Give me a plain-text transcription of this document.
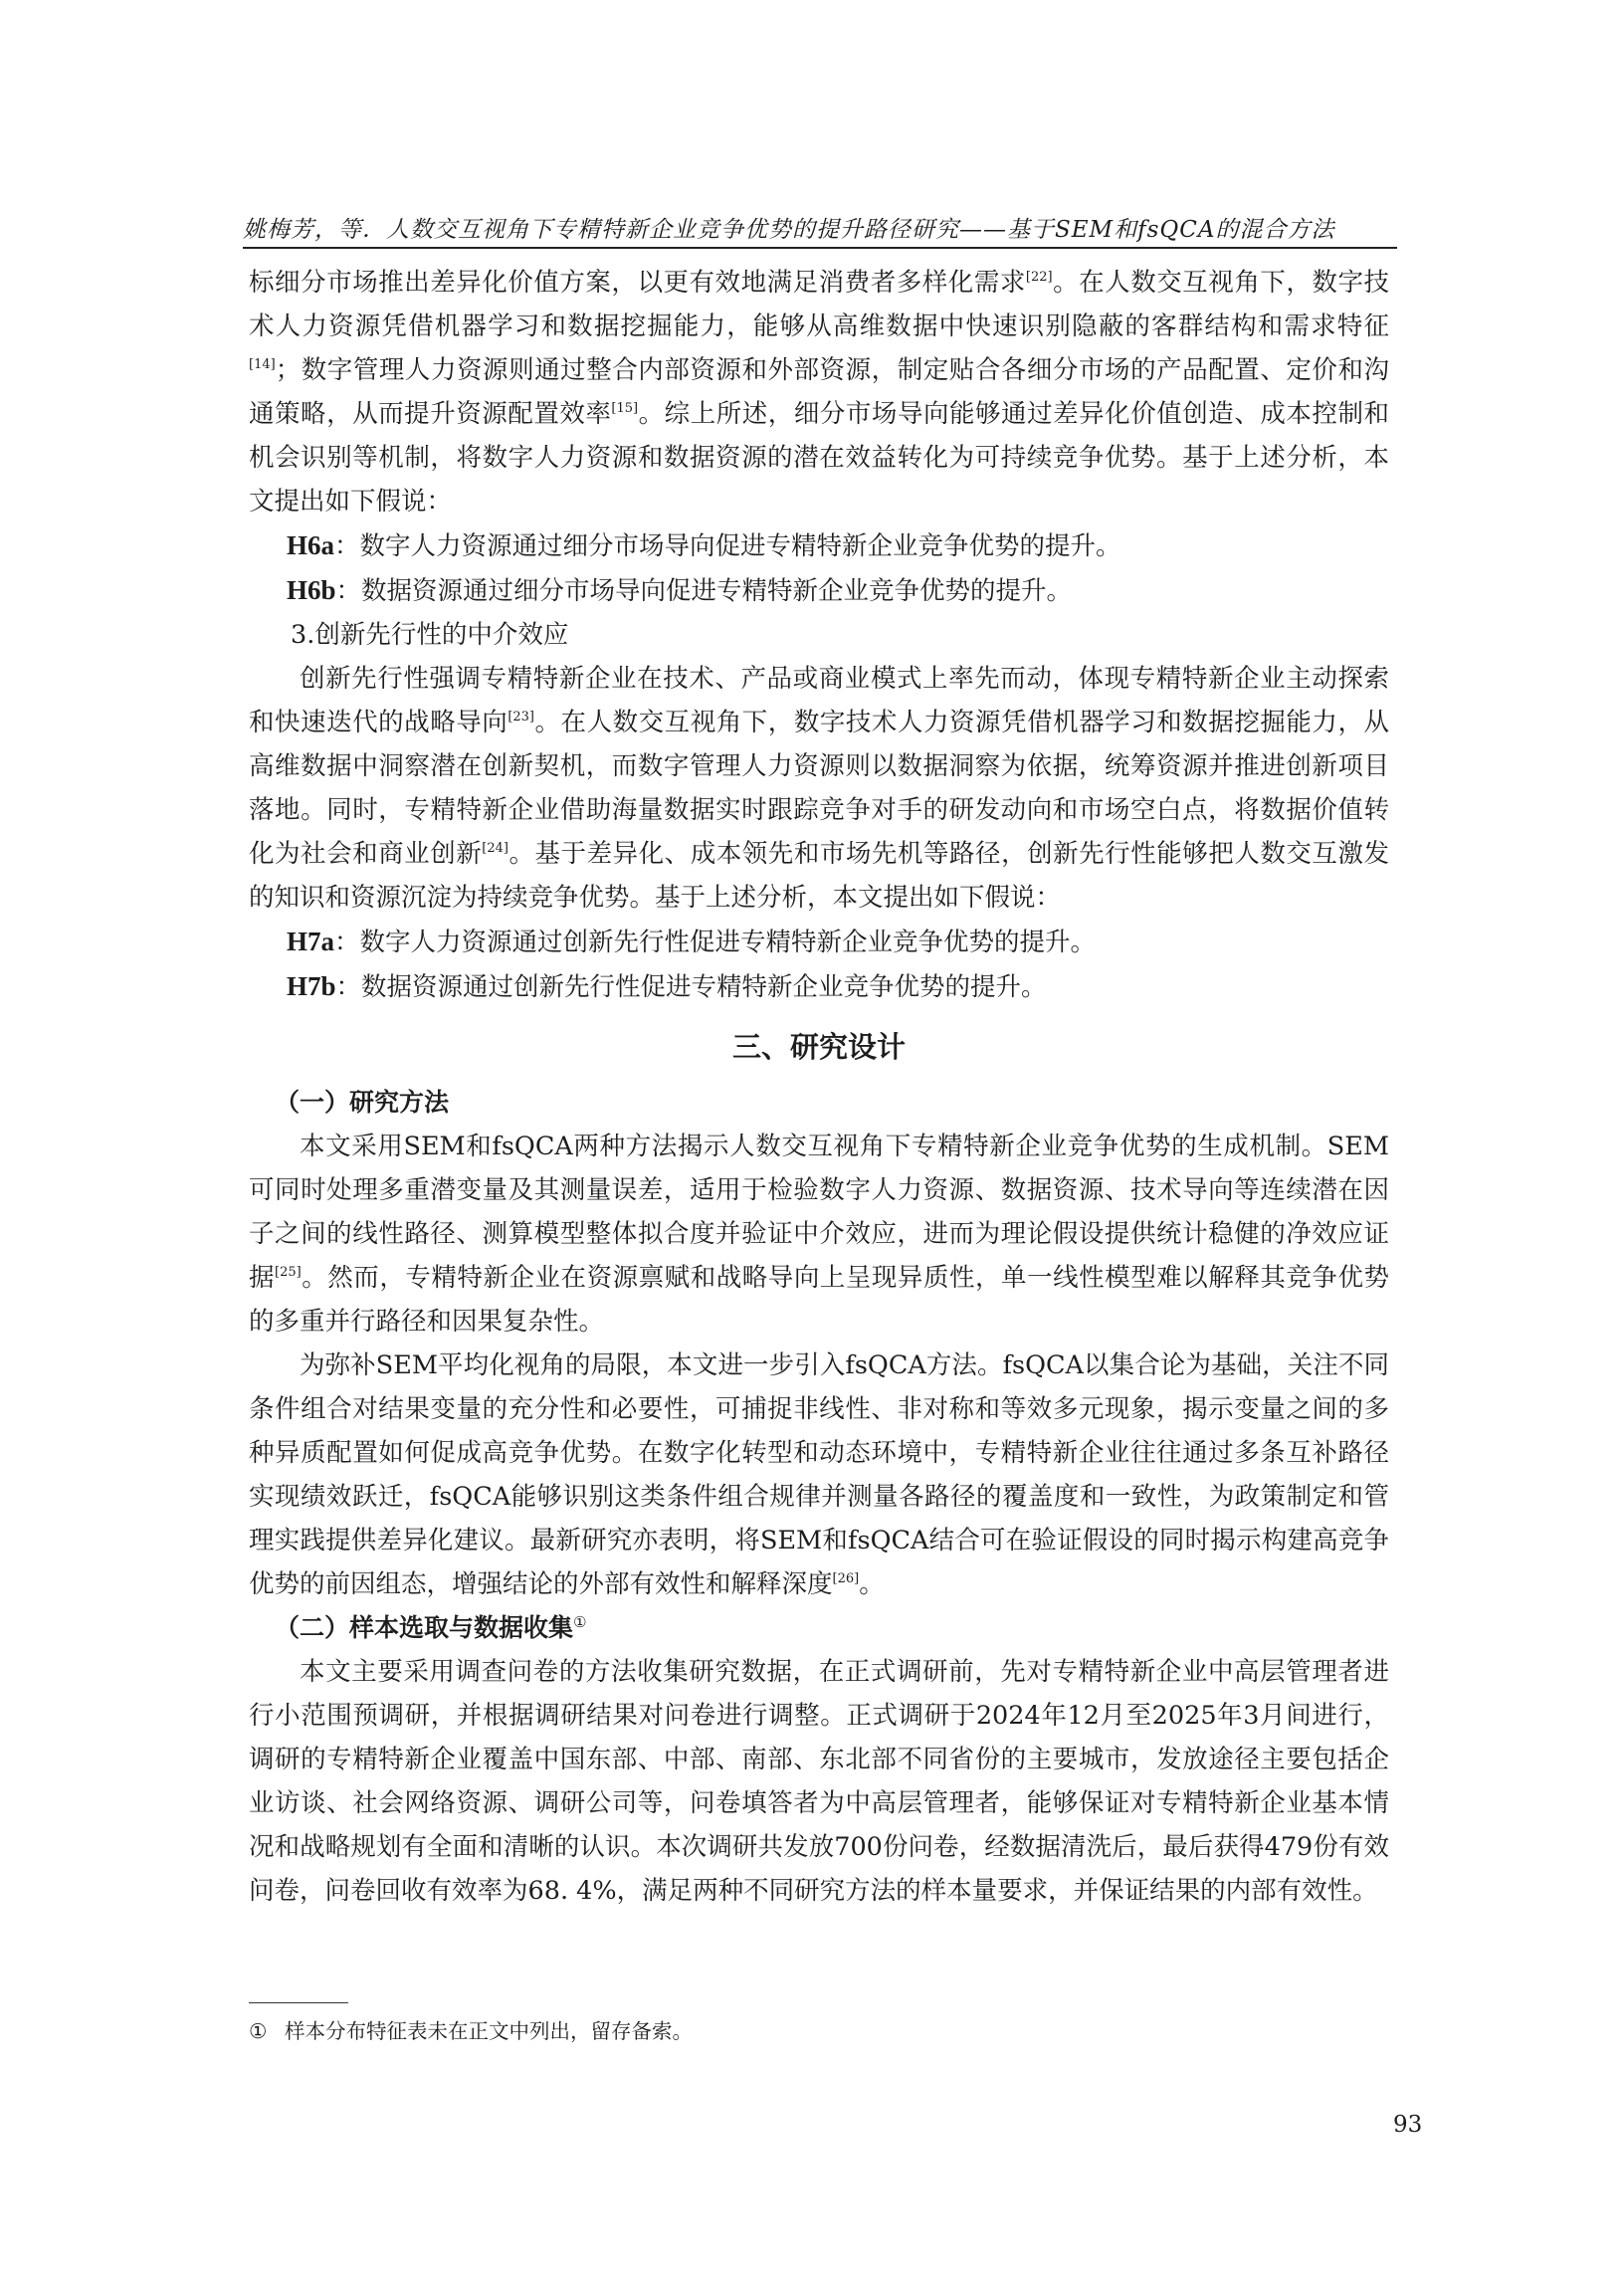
姚梅芳，等．人数交互视角下专精特新企业竞争优势的提升路径研究——基于SEM和fsQCA的混合方法

标细分市场推出差异化价值方案，以更有效地满足消费者多样化需求[22]。在人数交互视角下，数字技术人力资源凭借机器学习和数据挖掘能力，能够从高维数据中快速识别隐蔽的客群结构和需求特征[14]；数字管理人力资源则通过整合内部资源和外部资源，制定贴合各细分市场的产品配置、定价和沟通策略，从而提升资源配置效率[15]。综上所述，细分市场导向能够通过差异化价值创造、成本控制和机会识别等机制，将数字人力资源和数据资源的潜在效益转化为可持续竞争优势。基于上述分析，本文提出如下假说：

H6a：数字人力资源通过细分市场导向促进专精特新企业竞争优势的提升。

H6b：数据资源通过细分市场导向促进专精特新企业竞争优势的提升。

3.创新先行性的中介效应

创新先行性强调专精特新企业在技术、产品或商业模式上率先而动，体现专精特新企业主动探索和快速迭代的战略导向[23]。在人数交互视角下，数字技术人力资源凭借机器学习和数据挖掘能力，从高维数据中洞察潜在创新契机，而数字管理人力资源则以数据洞察为依据，统筹资源并推进创新项目落地。同时，专精特新企业借助海量数据实时跟踪竞争对手的研发动向和市场空白点，将数据价值转化为社会和商业创新[24]。基于差异化、成本领先和市场先机等路径，创新先行性能够把人数交互激发的知识和资源沉淀为持续竞争优势。基于上述分析，本文提出如下假说：

H7a：数字人力资源通过创新先行性促进专精特新企业竞争优势的提升。

H7b：数据资源通过创新先行性促进专精特新企业竞争优势的提升。

三、研究设计

（一）研究方法

本文采用SEM和fsQCA两种方法揭示人数交互视角下专精特新企业竞争优势的生成机制。SEM可同时处理多重潜变量及其测量误差，适用于检验数字人力资源、数据资源、技术导向等连续潜在因子之间的线性路径、测算模型整体拟合度并验证中介效应，进而为理论假设提供统计稳健的净效应证据[25]。然而，专精特新企业在资源禀赋和战略导向上呈现异质性，单一线性模型难以解释其竞争优势的多重并行路径和因果复杂性。

为弥补SEM平均化视角的局限，本文进一步引入fsQCA方法。fsQCA以集合论为基础，关注不同条件组合对结果变量的充分性和必要性，可捕捉非线性、非对称和等效多元现象，揭示变量之间的多种异质配置如何促成高竞争优势。在数字化转型和动态环境中，专精特新企业往往通过多条互补路径实现绩效跃迁，fsQCA能够识别这类条件组合规律并测量各路径的覆盖度和一致性，为政策制定和管理实践提供差异化建议。最新研究亦表明，将SEM和fsQCA结合可在验证假设的同时揭示构建高竞争优势的前因组态，增强结论的外部有效性和解释深度[26]。

（二）样本选取与数据收集①

本文主要采用调查问卷的方法收集研究数据，在正式调研前，先对专精特新企业中高层管理者进行小范围预调研，并根据调研结果对问卷进行调整。正式调研于2024年12月至2025年3月间进行，调研的专精特新企业覆盖中国东部、中部、南部、东北部不同省份的主要城市，发放途径主要包括企业访谈、社会网络资源、调研公司等，问卷填答者为中高层管理者，能够保证对专精特新企业基本情况和战略规划有全面和清晰的认识。本次调研共发放700份问卷，经数据清洗后，最后获得479份有效问卷，问卷回收有效率为68. 4%，满足两种不同研究方法的样本量要求，并保证结果的内部有效性。

① 样本分布特征表未在正文中列出，留存备索。
93
